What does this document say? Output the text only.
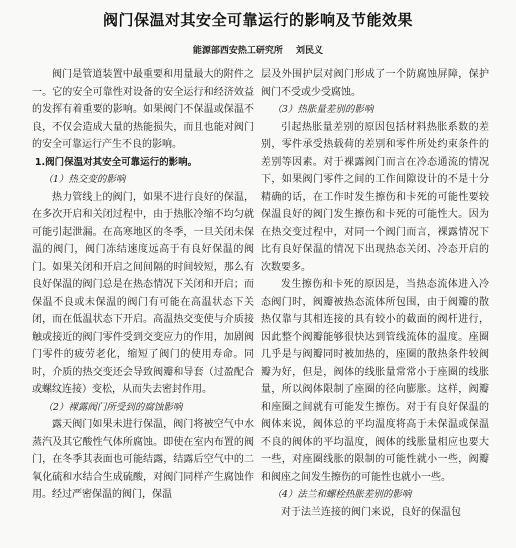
阀门保温对其安全可靠运行的影响及节能效果
能源部西安热工研究所 刘民义

阀门是管道装置中最重要和用量最大的附件之一。它的安全可靠性对设备的安全运行和经济效益的发挥有着重要的影响。如果阀门不保温或保温不良，不仅会造成大量的热能损失，而且也能对阀门的安全可靠运行产生不良的影响。

1.阀门保温对其安全可靠运行的影响。
（1）热交变的影响

热力管线上的阀门，如果不进行良好的保温，在多次开启和关闭过程中，由于热胀冷缩不均匀就可能引起泄漏。在高寒地区的冬季，一旦关闭未保温的阀门，阀门冻结速度远高于有良好保温的阀门。如果关闭和开启之间间隔的时间较短，那么有良好保温的阀门总是在热态情况下关闭和开启；而保温不良或未保温的阀门有可能在高温状态下关闭，而在低温状态下开启。高温热交变使与介质接触或接近的阀门零件受到交变应力的作用，加剧阀门零件的疲劳老化，缩短了阀门的使用寿命。同时，介质的热交变还会导致阀瓣和导套（过盈配合或螺纹连接）变松，从而失去密封作用。

（2）裸露阀门所受到的腐蚀影响

露天阀门如果未进行保温，阀门将被空气中水蒸汽及其它酸性气体所腐蚀。即使在室内布置的阀门，在冬季其表面也可能结露，结露后空气中的二氧化硫和水结合生成硫酸，对阀门同样产生腐蚀作用。经过严密保温的阀门，保温

层及外围护层对阀门形成了一个防腐蚀屏障，保护阀门不受或少受腐蚀。

（3）热胀量差别的影响

引起热胀量差别的原因包括材料热胀系数的差别，零件承受热载荷的差别和零件所处约束条件的差别等因素。对于裸露阀门而言在冷态通流的情况下，如果阀门零件之间的工作间隙设计的不是十分精确的话，在工作时发生擦伤和卡死的可能性要较保温良好的阀门发生擦伤和卡死的可能性大。因为在热交变过程中，对同一个阀门而言，裸露情况下比有良好保温的情况下出现热态关闭、冷态开启的次数要多。

发生擦伤和卡死的原因是，当热态流体进入冷态阀门时，阀瓣被热态流体所包围，由于阀瓣的散热仅靠与其相连接的具有较小的截面的阀杆进行，因此整个阀瓣能够很快达到管线流体的温度。座圈几乎是与阀瓣同时被加热的，座圈的散热条件较阀瓣为好，但是，阀体的线胀量常常小于座圈的线胀量，所以阀体限制了座圈的径向膨胀。这样，阀瓣和座圈之间就有可能发生擦伤。对于有良好保温的阀体来说，阀体总的平均温度将高于未保温或保温不良的阀体的平均温度，阀体的线胀量相应也要大一些，对座圈线胀的限制的可能性就小一些，阀瓣和阀座之间发生擦伤的可能性也就小一些。

（4）法兰和螺栓热胀差别的影响

对于法兰连接的阀门来说，良好的保温包
